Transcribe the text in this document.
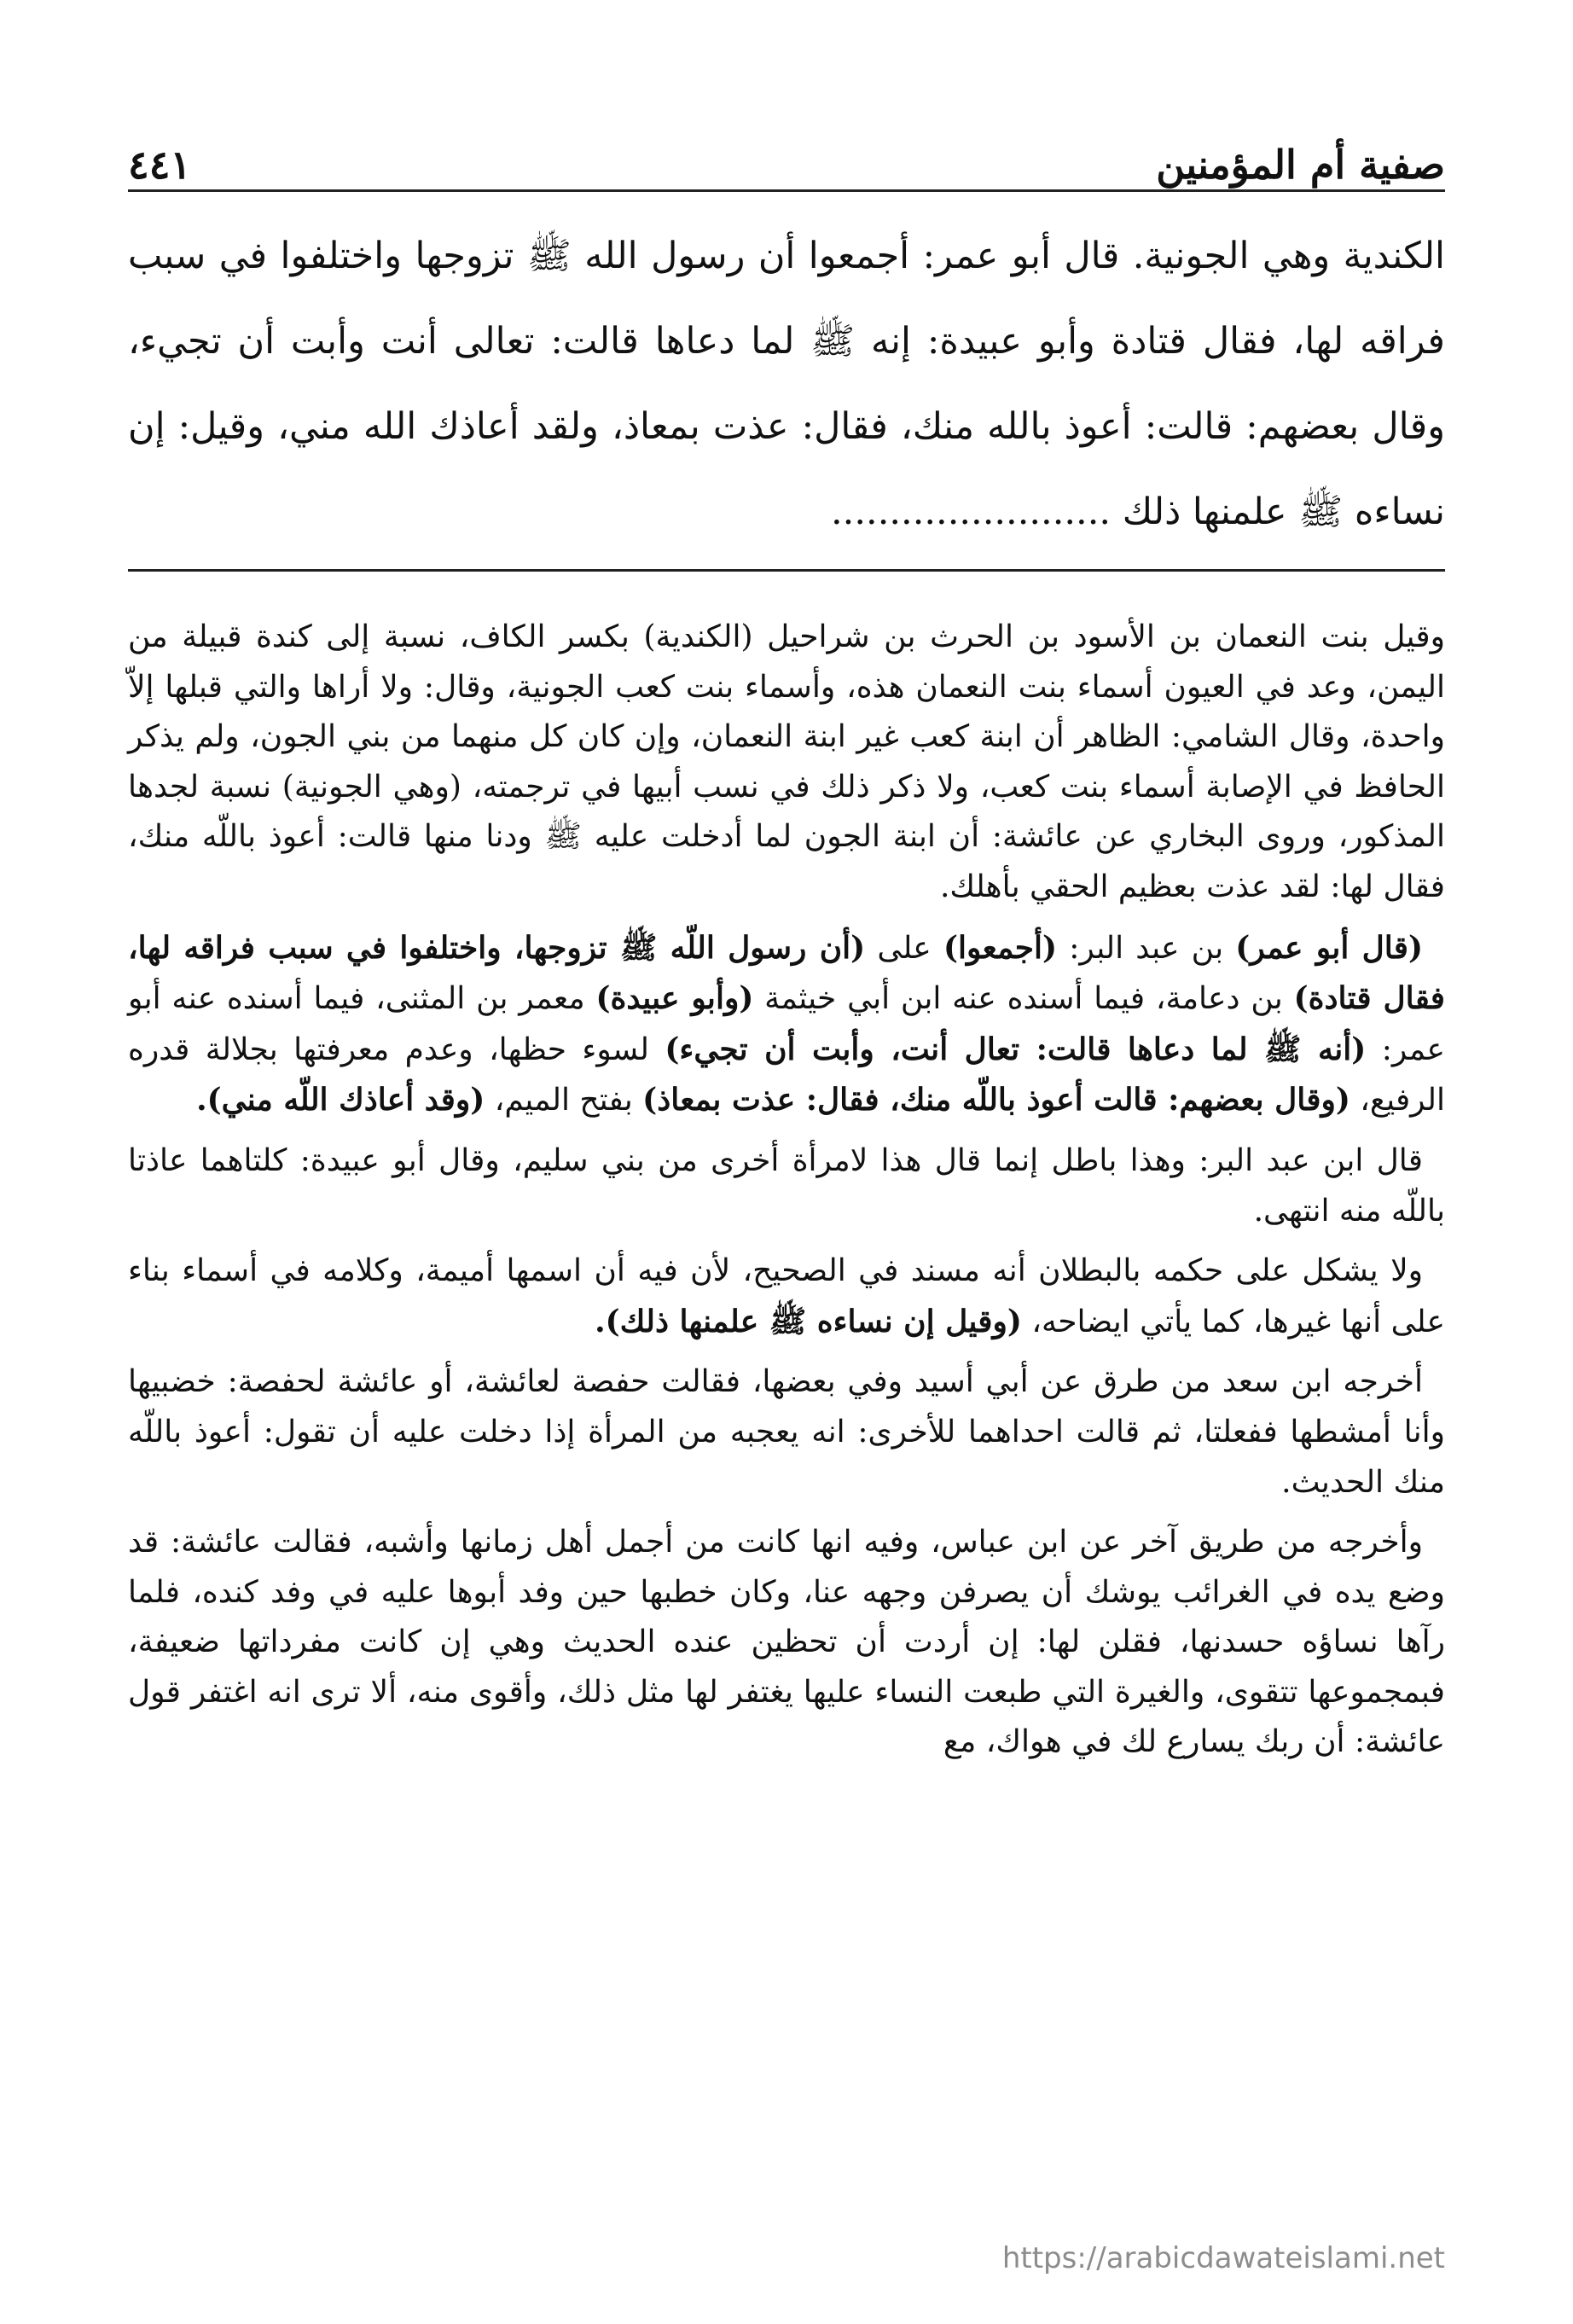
صفية أم المؤمنين
٤٤١

الكندية وهي الجونية. قال أبو عمر: أجمعوا أن رسول الله ﷺ تزوجها واختلفوا في سبب فراقه لها، فقال قتادة وأبو عبيدة: إنه ﷺ لما دعاها قالت: تعالى أنت وأبت أن تجيء، وقال بعضهم: قالت: أعوذ بالله منك، فقال: عذت بمعاذ، ولقد أعاذك الله مني، وقيل: إن نساءه ﷺ علمنها ذلك ........................

وقيل بنت النعمان بن الأسود بن الحرث بن شراحيل (الكندية) بكسر الكاف، نسبة إلى كندة قبيلة من اليمن، وعد في العيون أسماء بنت النعمان هذه، وأسماء بنت كعب الجونية، وقال: ولا أراها والتي قبلها إلاّ واحدة، وقال الشامي: الظاهر أن ابنة كعب غير ابنة النعمان، وإن كان كل منهما من بني الجون، ولم يذكر الحافظ في الإصابة أسماء بنت كعب، ولا ذكر ذلك في نسب أبيها في ترجمته، (وهي الجونية) نسبة لجدها المذكور، وروى البخاري عن عائشة: أن ابنة الجون لما أدخلت عليه ﷺ ودنا منها قالت: أعوذ باللّه منك، فقال لها: لقد عذت بعظيم الحقي بأهلك.

(قال أبو عمر) بن عبد البر: (أجمعوا) على (أن رسول اللّه ﷺ تزوجها، واختلفوا في سبب فراقه لها، فقال قتادة) بن دعامة، فيما أسنده عنه ابن أبي خيثمة (وأبو عبيدة) معمر بن المثنى، فيما أسنده عنه أبو عمر: (أنه ﷺ لما دعاها قالت: تعال أنت، وأبت أن تجيء) لسوء حظها، وعدم معرفتها بجلالة قدره الرفيع، (وقال بعضهم: قالت أعوذ باللّه منك، فقال: عذت بمعاذ) بفتح الميم، (وقد أعاذك اللّه مني).

قال ابن عبد البر: وهذا باطل إنما قال هذا لامرأة أخرى من بني سليم، وقال أبو عبيدة: كلتاهما عاذتا باللّه منه انتهى.

ولا يشكل على حكمه بالبطلان أنه مسند في الصحيح، لأن فيه أن اسمها أميمة، وكلامه في أسماء بناء على أنها غيرها، كما يأتي ايضاحه، (وقيل إن نساءه ﷺ علمنها ذلك).

أخرجه ابن سعد من طرق عن أبي أسيد وفي بعضها، فقالت حفصة لعائشة، أو عائشة لحفصة: خضبيها وأنا أمشطها ففعلتا، ثم قالت احداهما للأخرى: انه يعجبه من المرأة إذا دخلت عليه أن تقول: أعوذ باللّه منك الحديث.

وأخرجه من طريق آخر عن ابن عباس، وفيه انها كانت من أجمل أهل زمانها وأشبه، فقالت عائشة: قد وضع يده في الغرائب يوشك أن يصرفن وجهه عنا، وكان خطبها حين وفد أبوها عليه في وفد كنده، فلما رآها نساؤه حسدنها، فقلن لها: إن أردت أن تحظين عنده الحديث وهي إن كانت مفرداتها ضعيفة، فبمجموعها تتقوى، والغيرة التي طبعت النساء عليها يغتفر لها مثل ذلك، وأقوى منه، ألا ترى انه اغتفر قول عائشة: أن ربك يسارع لك في هواك، مع

https://arabicdawateislami.net
